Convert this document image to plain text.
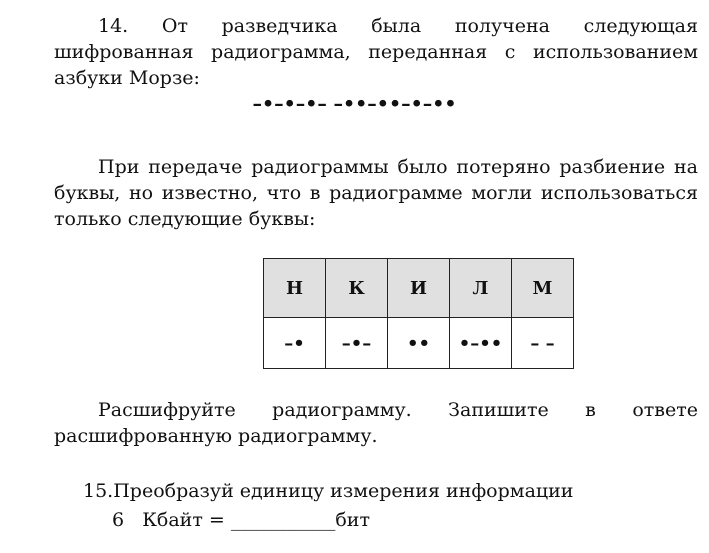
14. От разведчика была получена следующая шифрованная радиограмма, переданная с использованием азбуки Морзе:

–•–•–•– –••–••–•–••

При передаче радиограммы было потеряно разбиение на буквы, но известно, что в радиограмме могли использоваться только следующие буквы:

Н	К	И	Л	М
–•	–•–	••	•–••	– –

Расшифруйте радиограмму. Запишите в ответе расшифрованную радиограмму.

15.Преобразуй единицу измерения информации

6   Кбайт = ___________бит
